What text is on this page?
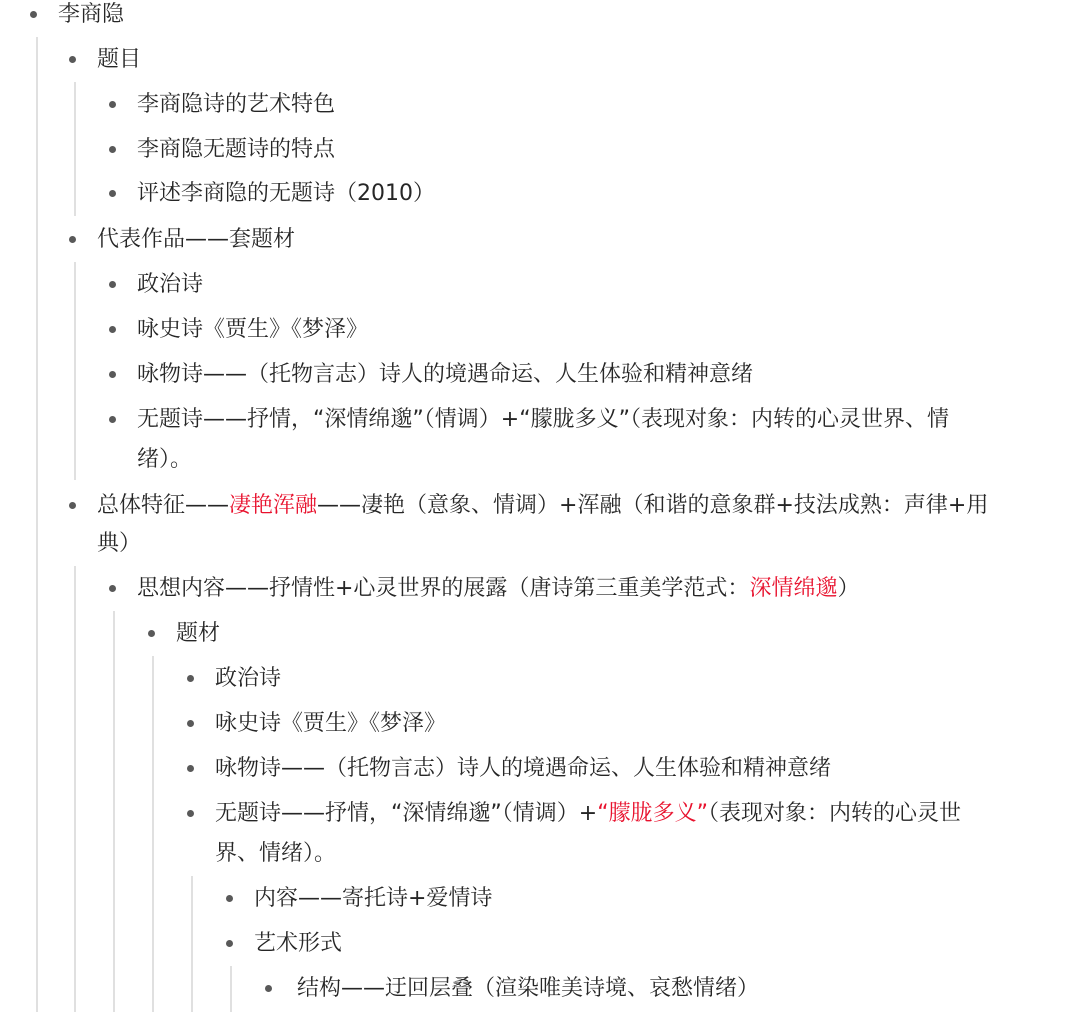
李商隐
题目
李商隐诗的艺术特色
李商隐无题诗的特点
评述李商隐的无题诗（2010）
代表作品——套题材
政治诗
咏史诗《贾生》《梦泽》
咏物诗——（托物言志）诗人的境遇命运、人生体验和精神意绪
无题诗——抒情，“深情绵邈”（情调）+“朦胧多义”（表现对象：内转的心灵世界、情
绪）。
总体特征——凄艳浑融——凄艳（意象、情调）+浑融（和谐的意象群+技法成熟：声律+用
典）
思想内容——抒情性+心灵世界的展露（唐诗第三重美学范式：深情绵邈）
题材
政治诗
咏史诗《贾生》《梦泽》
咏物诗——（托物言志）诗人的境遇命运、人生体验和精神意绪
无题诗——抒情，“深情绵邈”（情调）+“朦胧多义”（表现对象：内转的心灵世
界、情绪）。
内容——寄托诗+爱情诗
艺术形式
结构——迂回层叠（渲染唯美诗境、哀愁情绪）
